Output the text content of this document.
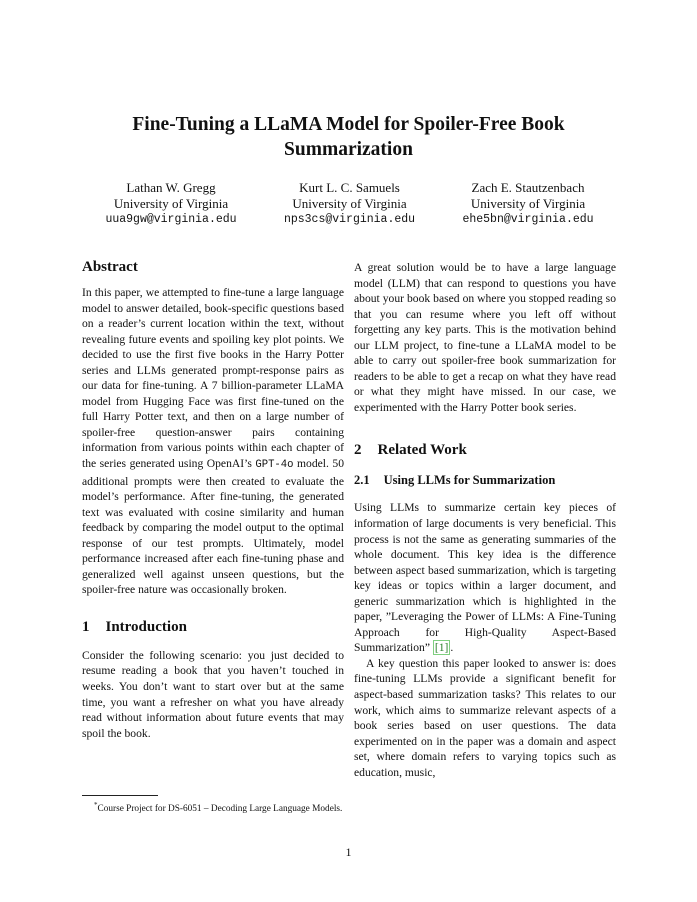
Fine-Tuning a LLaMA Model for Spoiler-Free Book Summarization
Lathan W. Gregg
University of Virginia
uua9gw@virginia.edu
Kurt L. C. Samuels
University of Virginia
nps3cs@virginia.edu
Zach E. Stautzenbach
University of Virginia
ehe5bn@virginia.edu
Abstract

In this paper, we attempted to fine-tune a large language model to answer detailed, book-specific questions based on a reader’s current location within the text, without revealing future events and spoiling key plot points. We decided to use the first five books in the Harry Potter series and LLMs generated prompt-response pairs as our data for fine-tuning. A 7 billion-parameter LLaMA model from Hugging Face was first fine-tuned on the full Harry Potter text, and then on a large number of spoiler-free question-answer pairs containing information from various points within each chapter of the series generated using OpenAI’s GPT-4o model. 50 additional prompts were then created to evaluate the model’s performance. After fine-tuning, the generated text was evaluated with cosine similarity and human feedback by comparing the model output to the optimal response of our test prompts. Ultimately, model performance increased after each fine-tuning phase and generalized well against unseen questions, but the spoiler-free nature was occasionally broken.

1 Introduction

Consider the following scenario: you just decided to resume reading a book that you haven’t touched in weeks. You don’t want to start over but at the same time, you want a refresher on what you have already read without information about future events that may spoil the book.

*Course Project for DS-6051 – Decoding Large Language Models.

A great solution would be to have a large language model (LLM) that can respond to questions you have about your book based on where you stopped reading so that you can resume where you left off without forgetting any key parts. This is the motivation behind our LLM project, to fine-tune a LLaMA model to be able to carry out spoiler-free book summarization for readers to be able to get a recap on what they have read or what they might have missed. In our case, we experimented with the Harry Potter book series.

2 Related Work
2.1 Using LLMs for Summarization

Using LLMs to summarize certain key pieces of information of large documents is very beneficial. This process is not the same as generating summaries of the whole document. This key idea is the difference between aspect based summarization, which is targeting key ideas or topics within a larger document, and generic summarization which is highlighted in the paper, ”Leveraging the Power of LLMs: A Fine-Tuning Approach for High-Quality Aspect-Based Summarization” [1] .

A key question this paper looked to answer is: does fine-tuning LLMs provide a significant benefit for aspect-based summarization tasks? This relates to our work, which aims to summarize relevant aspects of a book series based on user questions. The data experimented on in the paper was a domain and aspect set, where domain refers to varying topics such as education, music,

1
